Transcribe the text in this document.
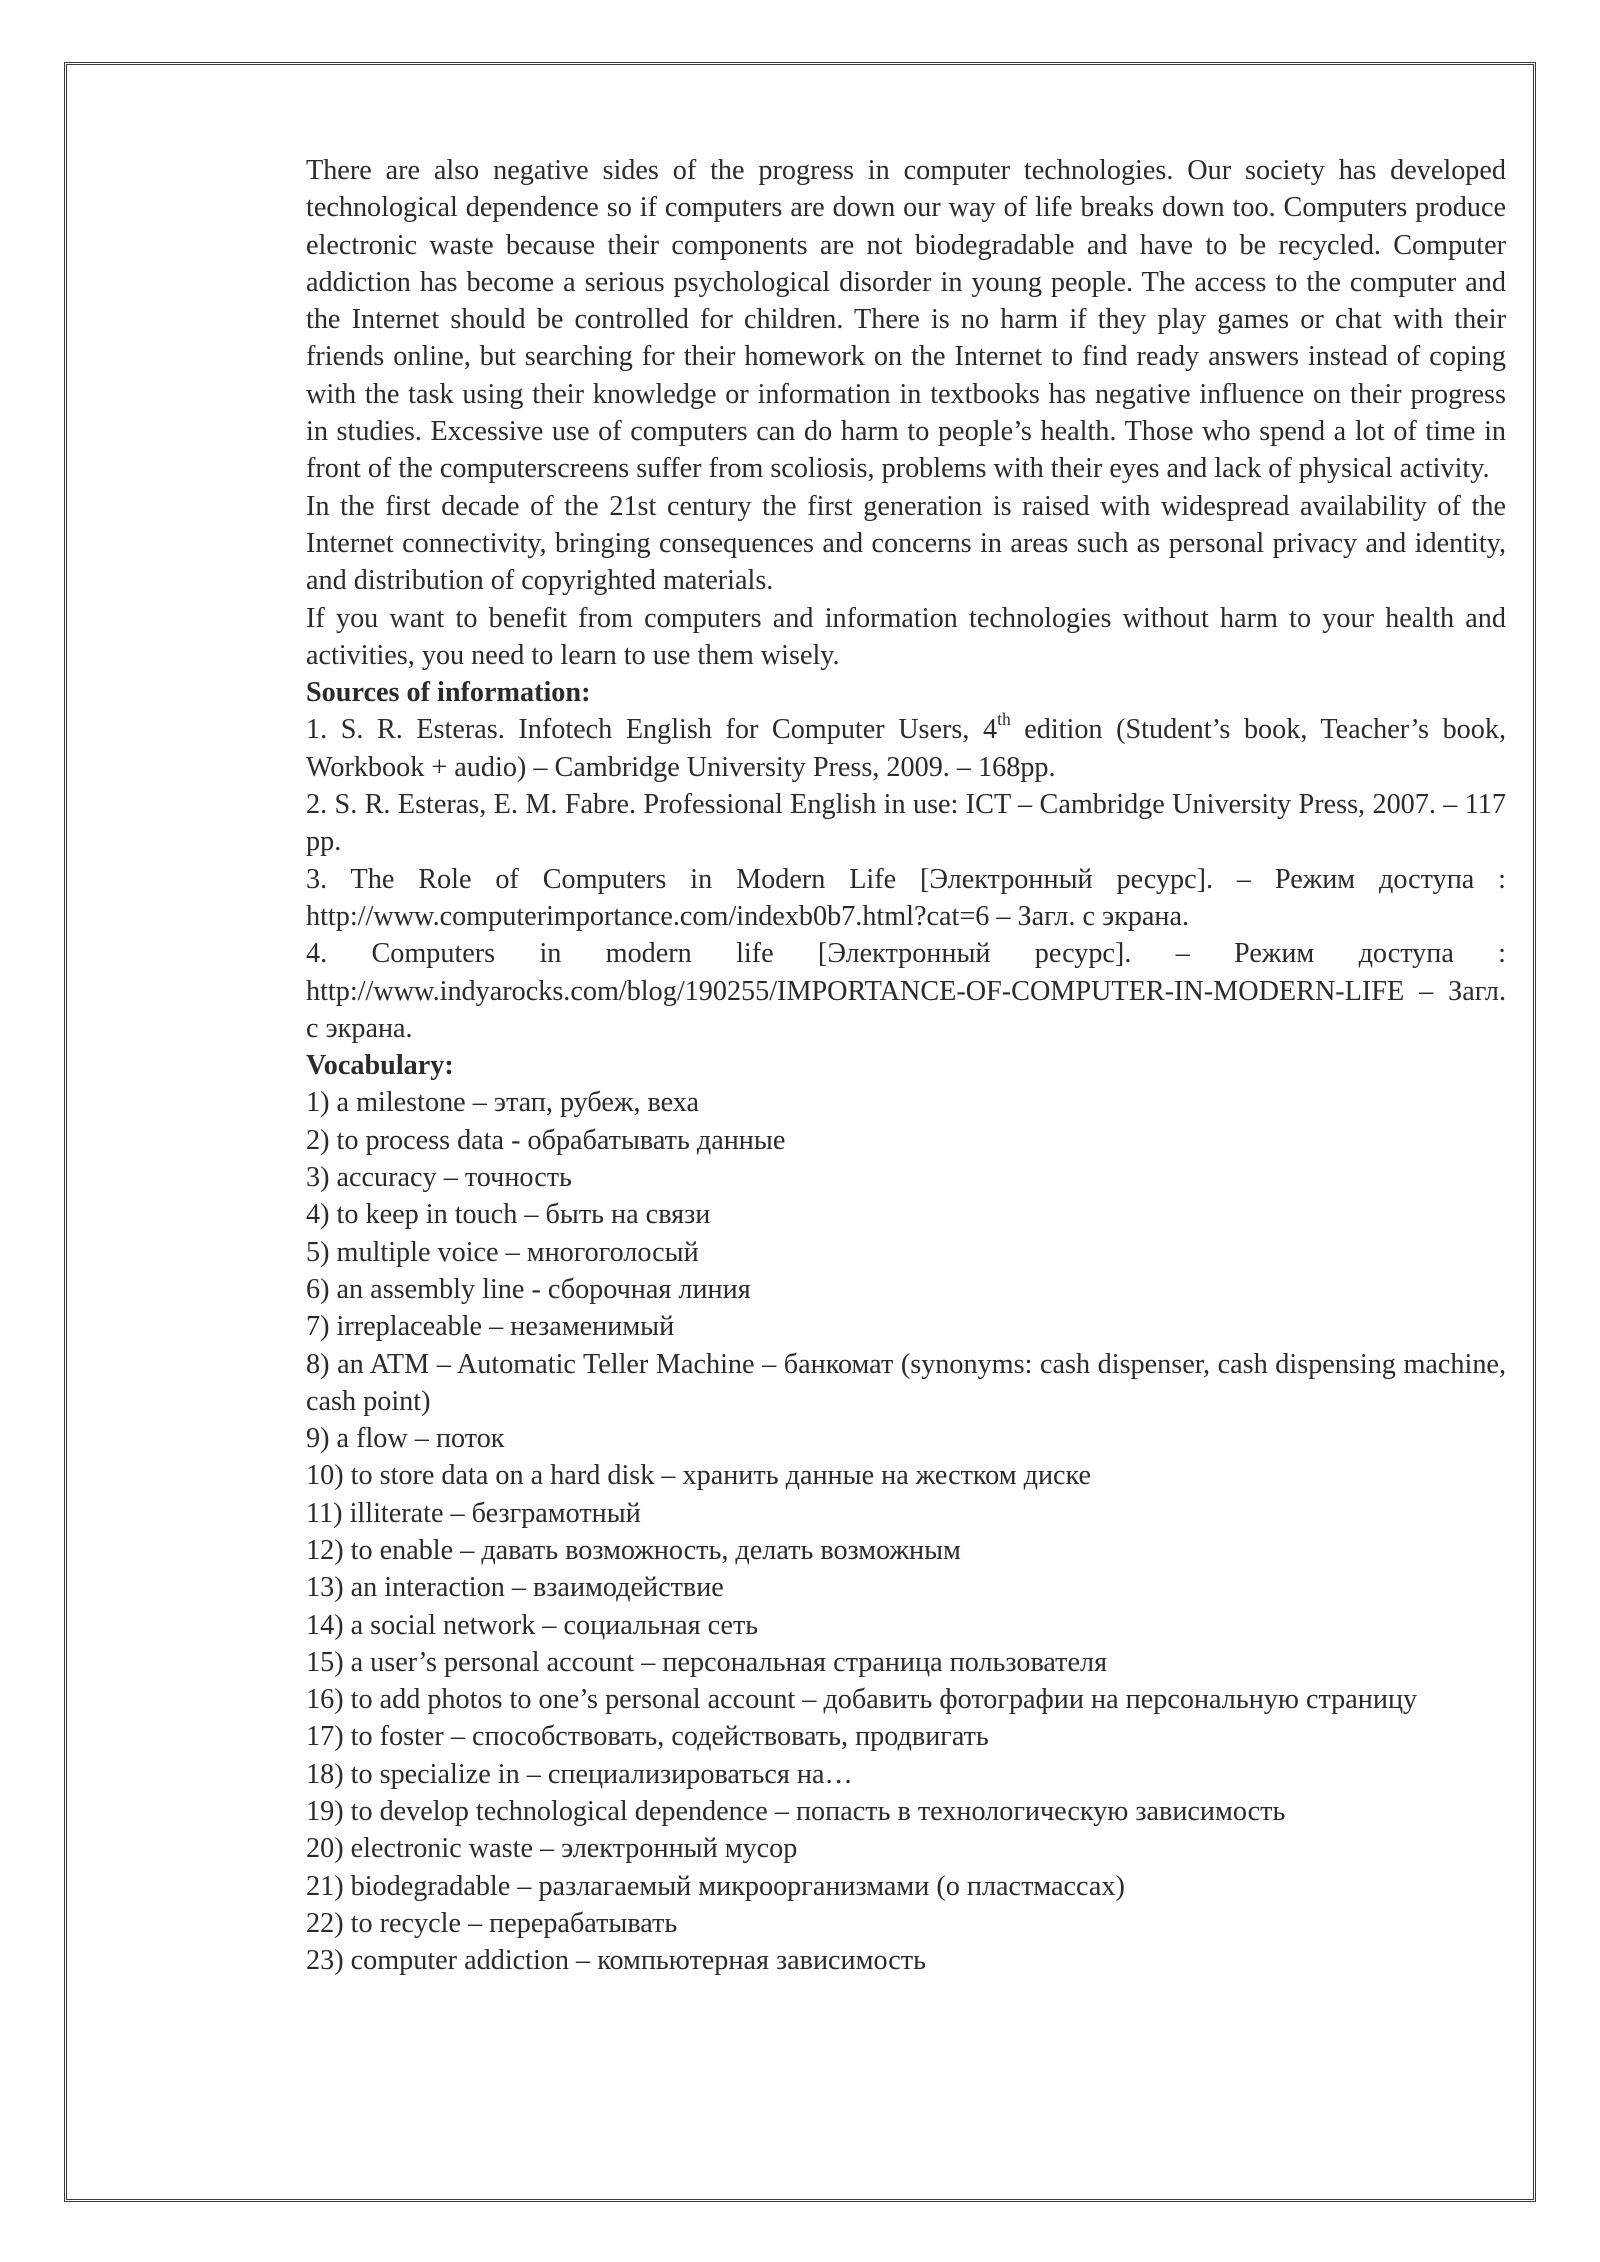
There are also negative sides of the progress in computer technologies. Our society has developed technological dependence so if computers are down our way of life breaks down too. Computers produce electronic waste because their components are not biodegradable and have to be recycled. Computer addiction has become a serious psychological disorder in young people. The access to the computer and the Internet should be controlled for children. There is no harm if they play games or chat with their friends online, but searching for their homework on the Internet to find ready answers instead of coping with the task using their knowledge or information in textbooks has negative influence on their progress in studies. Excessive use of computers can do harm to people’s health. Those who spend a lot of time in front of the computerscreens suffer from scoliosis, problems with their eyes and lack of physical activity.

In the first decade of the 21st century the first generation is raised with widespread availability of the Internet connectivity, bringing consequences and concerns in areas such as personal privacy and identity, and distribution of copyrighted materials.

If you want to benefit from computers and information technologies without harm to your health and activities, you need to learn to use them wisely.

Sources of information:

1. S. R. Esteras. Infotech English for Computer Users, 4th edition (Student’s book, Teacher’s book, Workbook + audio) – Cambridge University Press, 2009. – 168pp.

2. S. R. Esteras, E. M. Fabre. Professional English in use: ICT – Cambridge University Press, 2007. – 117 pp.

3. The Role of Computers in Modern Life [Электронный ресурс]. – Режим доступа : http://www.computerimportance.com/indexb0b7.html?cat=6 – Загл. с экрана.

4. Computers in modern life [Электронный ресурс]. – Режим доступа : http://www.indyarocks.com/blog/190255/IMPORTANCE-OF-COMPUTER-IN-MODERN-LIFE – Загл. с экрана.

Vocabulary:

1) a milestone – этап, рубеж, веха
2) to process data - обрабатывать данные
3) accuracy – точность
4) to keep in touch – быть на связи
5) multiple voice – многоголосый
6) an assembly line - сборочная линия
7) irreplaceable – незаменимый
8) an ATM – Automatic Teller Machine – банкомат (synonyms: cash dispenser, cash dispensing machine, cash point)
9) a flow – поток
10) to store data on a hard disk – хранить данные на жестком диске
11) illiterate – безграмотный
12) to enable – давать возможность, делать возможным
13) an interaction – взаимодействие
14) a social network – социальная сеть
15) a user’s personal account – персональная страница пользователя
16) to add photos to one’s personal account – добавить фотографии на персональную страницу
17) to foster – способствовать, содействовать, продвигать
18) to specialize in – специализироваться на…
19) to develop technological dependence – попасть в технологическую зависимость
20) electronic waste – электронный мусор
21) biodegradable – разлагаемый микроорганизмами (о пластмассах)
22) to recycle – перерабатывать
23) computer addiction – компьютерная зависимость
